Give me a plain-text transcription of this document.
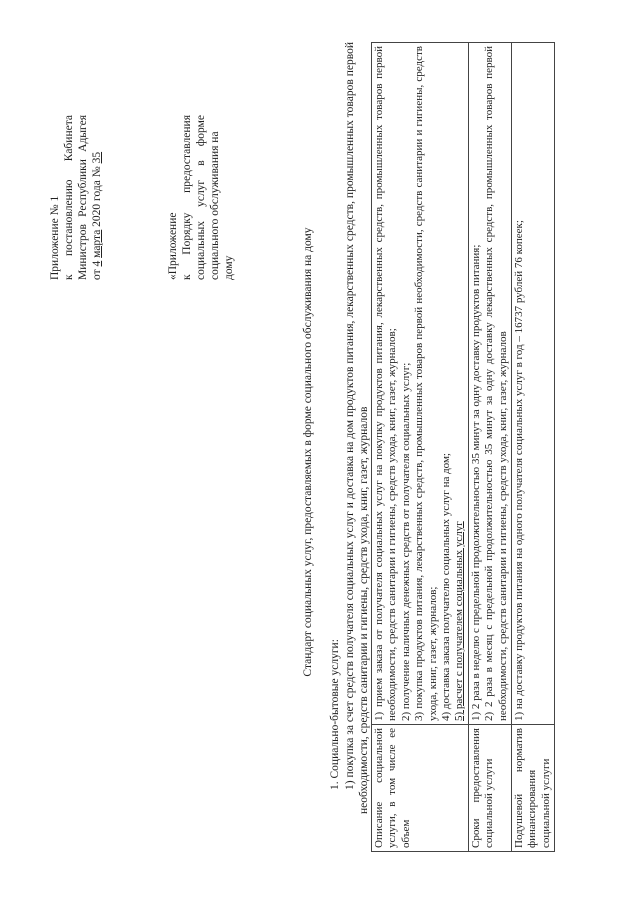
Приложение № 1 к
постановлению
Кабинета
Министров
Республики
Адыгея
от 4 марта 2020 года № 35
«Приложение к
Порядку
предоставления
социальных
услуг
в
форме
социального обслуживания на дому	Стандарт социальных услуг, предоставляемых в форме социального обслуживания на дому
1. Социально-бытовые услуги: 1) покупка за счет средств получателя социальных услуг и доставка на дом продуктов питания, лекарственных средств, промышленных товаров первой необходимости, средств санитарии и гигиены, средств ухода, книг, газет, журналов Описание социальной услуги, в том числе ее объем	1) прием заказа от получателя социальных услуг на покупку продуктов питания, лекарственных средств, промышленных товаров первой необходимости, средств санитарии и гигиены, средств ухода, книг, газет, журналов; 2) получение наличных денежных средств от получателя социальных услуг; 3) покупка продуктов питания, лекарственных средств, промышленных товаров первой необходимости, средств санитарии и гигиены, средств ухода, книг, газет, журналов; 4) доставка заказа получателю социальных услуг на дом; 5) расчет с получателем социальных услуг

Сроки предоставления социальной услуги	1) 2 раза в неделю с предельной продолжительностью 35 минут за одну доставку продуктов питания; 2) 2 раза в месяц с предельной продолжительностью 35 минут за одну доставку лекарственных средств, промышленных товаров первой необходимости, средств санитарии и гигиены, средств ухода, книг, газет, журналов

Подушевой норматив финансирования социальной услуги	1) на доставку продуктов питания на одного получателя социальных услуг в год – 16737 рублей 76 копеек;
